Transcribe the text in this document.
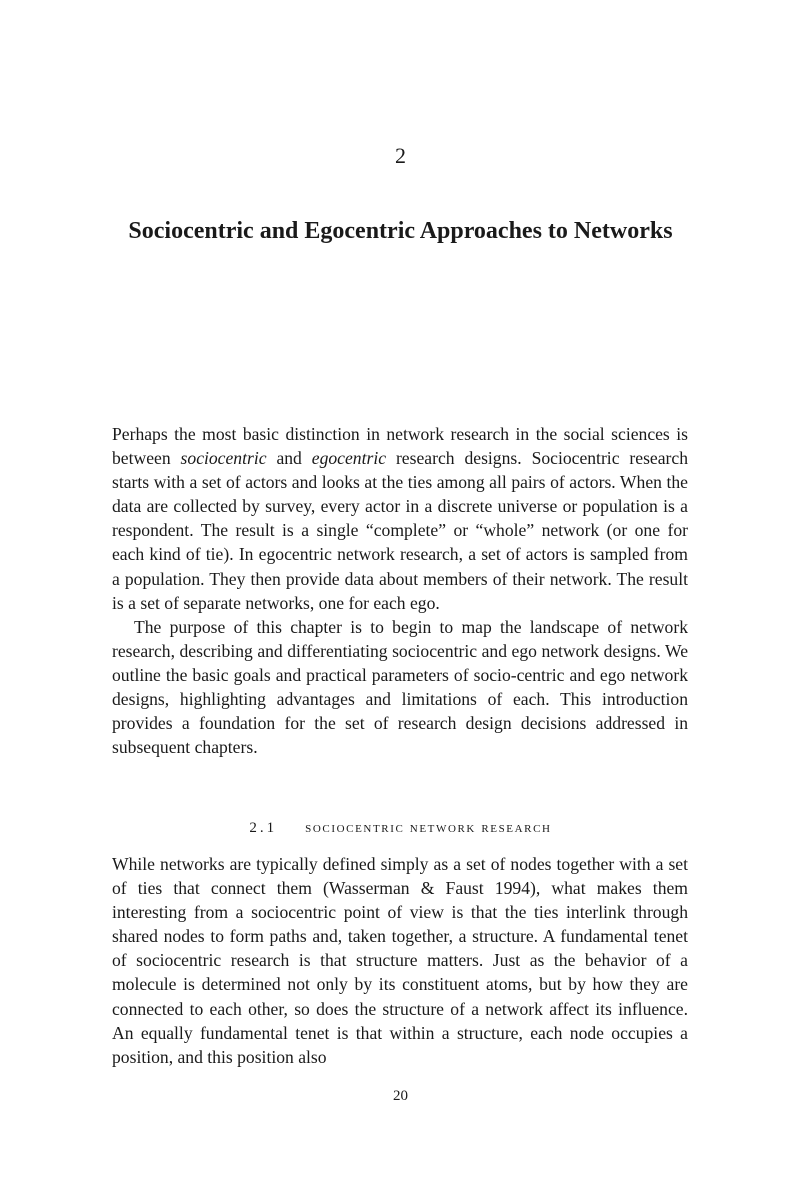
2
Sociocentric and Egocentric Approaches to Networks

Perhaps the most basic distinction in network research in the social sciences is between sociocentric and egocentric research designs. Sociocentric research starts with a set of actors and looks at the ties among all pairs of actors. When the data are collected by survey, every actor in a discrete universe or population is a respondent. The result is a single “complete” or “whole” network (or one for each kind of tie). In egocentric network research, a set of actors is sampled from a population. They then provide data about members of their network. The result is a set of separate networks, one for each ego.

The purpose of this chapter is to begin to map the landscape of network research, describing and differentiating sociocentric and ego network designs. We outline the basic goals and practical parameters of socio-centric and ego network designs, highlighting advantages and limitations of each. This introduction provides a foundation for the set of research design decisions addressed in subsequent chapters.

2.1 sociocentric network research

While networks are typically defined simply as a set of nodes together with a set of ties that connect them (Wasserman & Faust 1994), what makes them interesting from a sociocentric point of view is that the ties interlink through shared nodes to form paths and, taken together, a structure. A fundamental tenet of sociocentric research is that structure matters. Just as the behavior of a molecule is determined not only by its constituent atoms, but by how they are connected to each other, so does the structure of a network affect its influence. An equally fundamental tenet is that within a structure, each node occupies a position, and this position also

20
